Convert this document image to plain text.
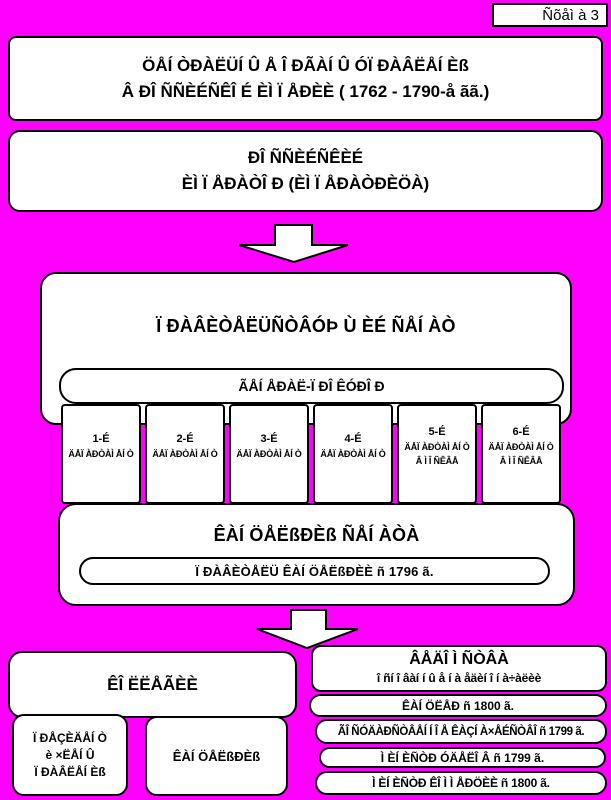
Ñõåì à 3
ÖÅÍ ÒÐÀËÜÍ Û Å Î ÐÃÀÍ Û ÓÏ ÐÀÂËÅÍ Èß
Â ÐÎ ÑÑÈÉÑÊÎ É ÈÌ Ï ÅÐÈÈ ( 1762 - 1790-å ãã.)
ÐÎ ÑÑÈÉÑÊÈÉ
ÈÌ Ï ÅÐÀÒÎ Ð (ÈÌ Ï ÅÐÀÒÐÈÖÀ)
Ï ÐÀÂÈÒÅËÜÑÒÂÓÞ Ù ÈÉ ÑÅÍ ÀÒ
ÃÅÍ ÅÐÀË-Ï ÐÎ ÊÓÐÎ Ð
1-É
ÄÅÏ ÀÐÒÀÌ ÅÍ Ò
2-É
ÄÅÏ ÀÐÒÀÌ ÅÍ Ò
3-É
ÄÅÏ ÀÐÒÀÌ ÅÍ Ò
4-É
ÄÅÏ ÀÐÒÀÌ ÅÍ Ò
5-É
ÄÅÏ ÀÐÒÀÌ ÅÍ Ò
Â Ì Î ÑÊÂÅ
6-É
ÄÅÏ ÀÐÒÀÌ ÅÍ Ò
Â Ì Î ÑÊÂÅ
ÊÀÍ ÖÅËßÐÈß ÑÅÍ ÀÒÀ
Ï ÐÀÂÈÒÅËÜ ÊÀÍ ÖÅËßÐÈÈ ñ 1796 ã.
ÊÎ ËËÅÃÈÈ
Ï ÐÅÇÈÄÅÍ Ò
è ×ËÅÍ Û
Ï ÐÀÂËÅÍ Èß
ÊÀÍ ÖÅËßÐÈß
ÂÅÄÎ Ì ÑÒÂÀ
î ñí î âàí í û å í à åäèí î í à÷àëèè
ÊÀÍ ÖËÅÐ ñ 1800 ã.
ÃÎ ÑÓÄÀÐÑÒÂÅÍ Í Î Å ÊÀÇÍ À×ÅÉÑÒÂÎ ñ 1799 ã.
Ì ÈÍ ÈÑÒÐ ÓÄÅËÎ Â ñ 1799 ã.
Ì ÈÍ ÈÑÒÐ ÊÎ Ì Ì ÅÐÖÈÈ ñ 1800 ã.
